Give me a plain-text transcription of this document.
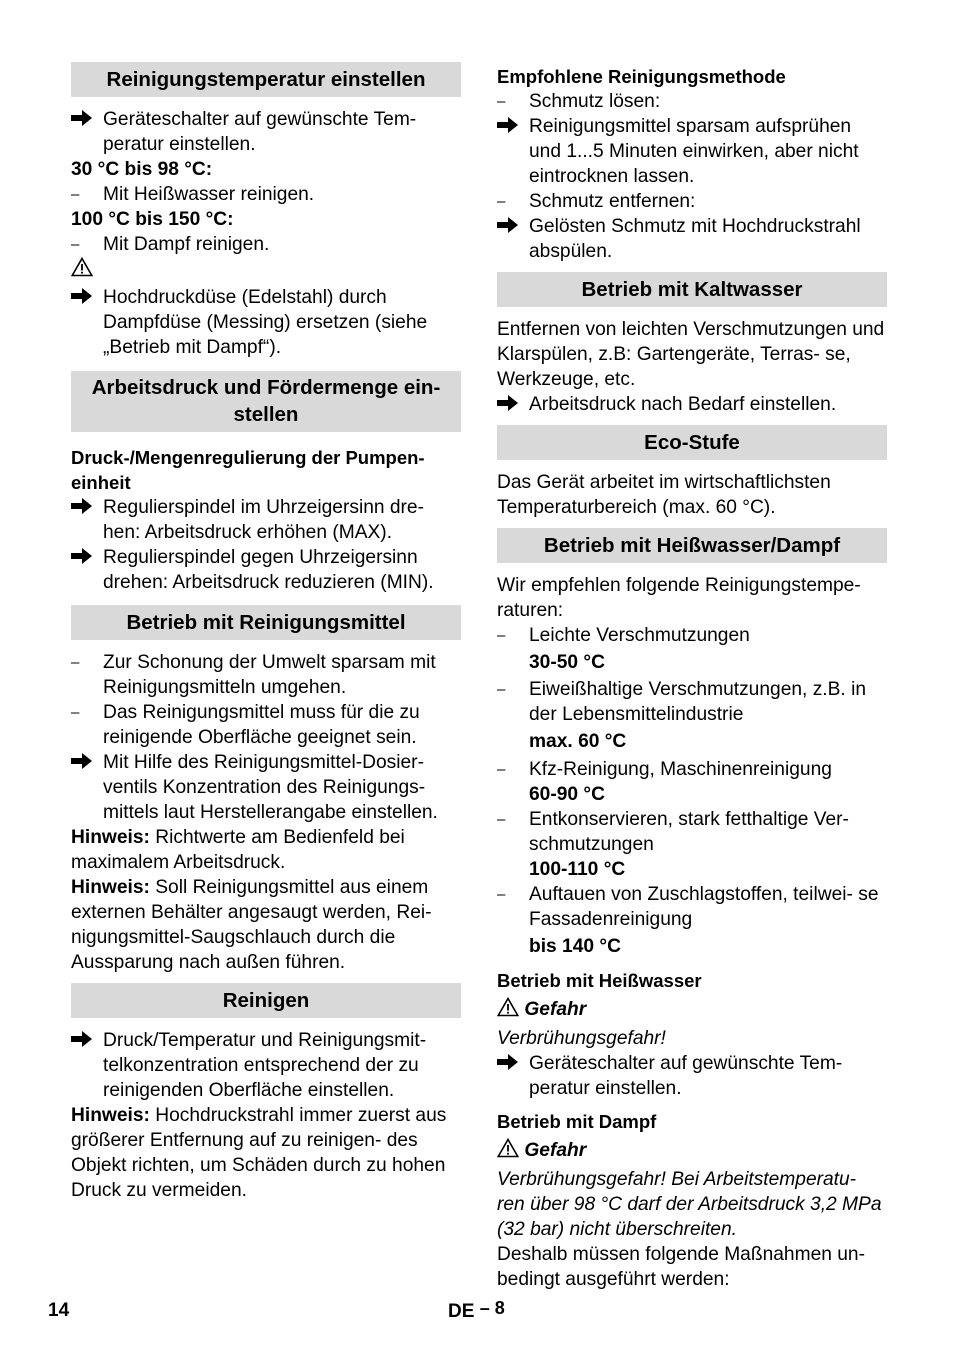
Reinigungstemperatur einstellen
Geräteschalter auf gewünschte Tem- peratur einstellen.

30 °C bis 98 °C:

–	Mit Heißwasser reinigen.

100 °C bis 150 °C:

–	Mit Dampf reinigen.
Hochdruckdüse (Edelstahl) durch Dampfdüse (Messing) ersetzen (siehe „Betrieb mit Dampf“).
Arbeitsdruck und Fördermenge ein- stellen

Druck-/Mengenregulierung der Pumpen- einheit

Regulierspindel im Uhrzeigersinn dre- hen: Arbeitsdruck erhöhen (MAX).
Regulierspindel gegen Uhrzeigersinn drehen: Arbeitsdruck reduzieren (MIN).
Betrieb mit Reinigungsmittel
–	Zur Schonung der Umwelt sparsam mit Reinigungsmitteln umgehen.
–	Das Reinigungsmittel muss für die zu reinigende Oberfläche geeignet sein.
Mit Hilfe des Reinigungsmittel-Dosier- ventils Konzentration des Reinigungs- mittels laut Herstellerangabe einstellen.

Hinweis: Richtwerte am Bedienfeld bei maximalem Arbeitsdruck.

Hinweis: Soll Reinigungsmittel aus einem externen Behälter angesaugt werden, Rei- nigungsmittel-Saugschlauch durch die Aussparung nach außen führen.

Reinigen
Druck/Temperatur und Reinigungsmit- telkonzentration entsprechend der zu reinigenden Oberfläche einstellen.

Hinweis: Hochdruckstrahl immer zuerst aus größerer Entfernung auf zu reinigen- des Objekt richten, um Schäden durch zu hohen Druck zu vermeiden.

Empfohlene Reinigungsmethode

–	Schmutz lösen:
Reinigungsmittel sparsam aufsprühen und 1...5 Minuten einwirken, aber nicht eintrocknen lassen.
–	Schmutz entfernen:
Gelösten Schmutz mit Hochdruckstrahl abspülen.
Betrieb mit Kaltwasser

Entfernen von leichten Verschmutzungen und Klarspülen, z.B: Gartengeräte, Terras- se, Werkzeuge, etc.

Arbeitsdruck nach Bedarf einstellen.
Eco-Stufe

Das Gerät arbeitet im wirtschaftlichsten Temperaturbereich (max. 60 °C).

Betrieb mit Heißwasser/Dampf

Wir empfehlen folgende Reinigungstempe- raturen:

–	Leichte Verschmutzungen

30-50 °C

–	Eiweißhaltige Verschmutzungen, z.B. in der Lebensmittelindustrie

max. 60 °C

–	Kfz-Reinigung, Maschinenreinigung

60-90 °C

–	Entkonservieren, stark fetthaltige Ver- schmutzungen

100-110 °C

–	Auftauen von Zuschlagstoffen, teilwei- se Fassadenreinigung

bis 140 °C

Betrieb mit Heißwasser

Gefahr

Verbrühungsgefahr!

Geräteschalter auf gewünschte Tem- peratur einstellen.

Betrieb mit Dampf

Gefahr

Verbrühungsgefahr! Bei Arbeitstemperatu- ren über 98 °C darf der Arbeitsdruck 3,2 MPa (32 bar) nicht überschreiten.

Deshalb müssen folgende Maßnahmen un- bedingt ausgeführt werden:

14	DE – 8
